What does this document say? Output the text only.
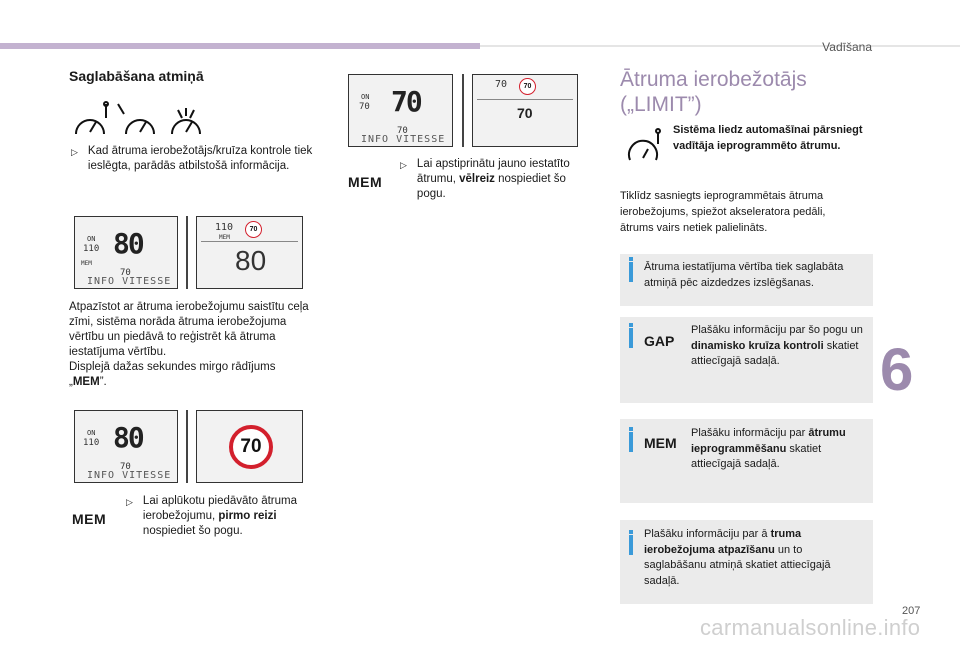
Vadīšana
Saglabāšana atmiņā
▷ Kad ātruma ierobežotājs/kruīza kontrole tiek ieslēgta, parādās atbilstošā informācija.
ON
110 80
MEM
70
INFO VITESSE
110
MEM
70
80
Atpazīstot ar ātruma ierobežojumu saistītu ceļa
zīmi, sistēma norāda ātruma ierobežojuma
vērtību un piedāvā to reģistrēt kā ātruma
iestatījuma vērtību.
Displejā dažas sekundes mirgo rādījums
„MEM”.
ON
110 80
70
INFO VITESSE
70
MEM
▷ Lai aplūkotu piedāvāto ātruma ierobežojumu, pirmo reizi nospiediet šo pogu.
ON
70 70
70
INFO VITESSE
70	70
70
MEM
▷ Lai apstiprinātu jauno iestatīto ātrumu, vēlreiz nospiediet šo pogu.
Ātruma ierobežotājs
(„LIMIT”)
Sistēma liedz automašīnai pārsniegt vadītāja ieprogrammēto ātrumu.
Tiklīdz sasniegts ieprogrammētais ātruma
ierobežojums, spiežot akseleratora pedāli,
ātrums vairs netiek palielināts.
Ātruma iestatījuma vērtība tiek saglabāta atmiņā pēc aizdedzes izslēgšanas.
GAP
Plašāku informāciju par šo pogu un dinamisko kruīza kontroli skatiet attiecīgajā sadaļā.
MEM
Plašāku informāciju par ātrumu ieprogrammēšanu skatiet attiecīgajā sadaļā.
Plašāku informāciju par ā truma ierobežojuma atpazīšanu un to saglabāšanu atmiņā skatiet attiecīgajā sadaļā.
6
207
carmanualsonline.info
